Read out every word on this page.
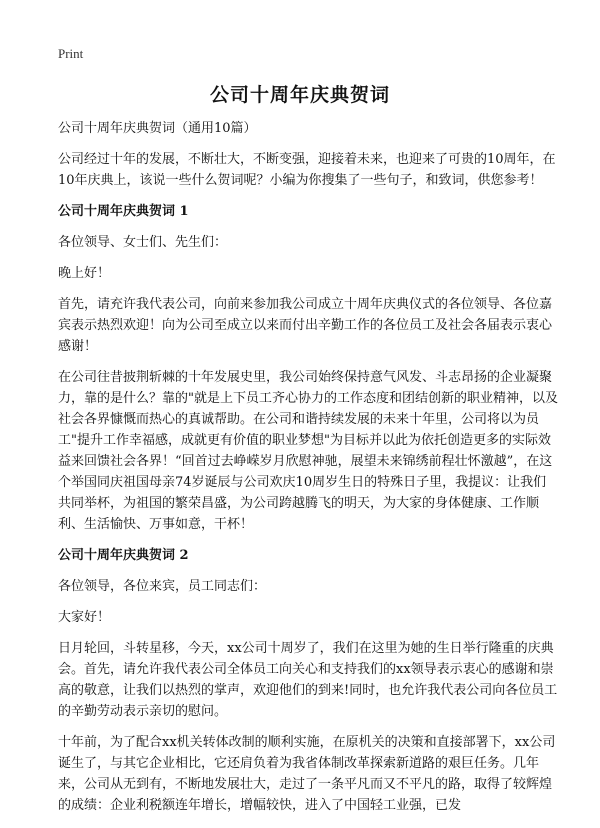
Print
公司十周年庆典贺词

公司十周年庆典贺词（通用10篇）

公司经过十年的发展，不断壮大，不断变强，迎接着未来，也迎来了可贵的10周年，在10年庆典上，该说一些什么贺词呢？小编为你搜集了一些句子，和致词，供您参考！

公司十周年庆典贺词 1

各位领导、女士们、先生们：

晚上好！

首先，请充许我代表公司，向前来参加我公司成立十周年庆典仪式的各位领导、各位嘉宾表示热烈欢迎！向为公司至成立以来而付出辛勤工作的各位员工及社会各届表示衷心感谢！

在公司往昔披荆斩棘的十年发展史里，我公司始终保持意气风发、斗志昂扬的企业凝聚力，靠的是什么？靠的"就是上下员工齐心协力的工作态度和团结创新的职业精神，以及社会各界慷慨而热心的真诚帮助。在公司和谐持续发展的未来十年里，公司将以为员工"提升工作幸福感，成就更有价值的职业梦想"为目标并以此为依托创造更多的实际效益来回馈社会各界！“回首过去峥嵘岁月欣慰神驰，展望未来锦绣前程壮怀激越”，在这个举国同庆祖国母亲74岁诞辰与公司欢庆10周岁生日的特殊日子里，我提议：让我们共同举杯，为祖国的繁荣昌盛，为公司跨越腾飞的明天，为大家的身体健康、工作顺利、生活愉快、万事如意，干杯！

公司十周年庆典贺词 2

各位领导，各位来宾，员工同志们：

大家好！

日月轮回，斗转星移，今天，xx公司十周岁了，我们在这里为她的生日举行隆重的庆典会。首先，请允许我代表公司全体员工向关心和支持我们的xx领导表示衷心的感谢和崇高的敬意，让我们以热烈的掌声，欢迎他们的到来!同时，也允许我代表公司向各位员工的辛勤劳动表示亲切的慰问。

十年前，为了配合xx机关转体改制的顺利实施，在原机关的决策和直接部署下，xx公司诞生了，与其它企业相比，它还肩负着为我省体制改革探索新道路的艰巨任务。几年来，公司从无到有，不断地发展壮大，走过了一条平凡而又不平凡的路，取得了较辉煌的成绩：企业利税额连年增长，增幅较快，进入了中国轻工业强，已发
